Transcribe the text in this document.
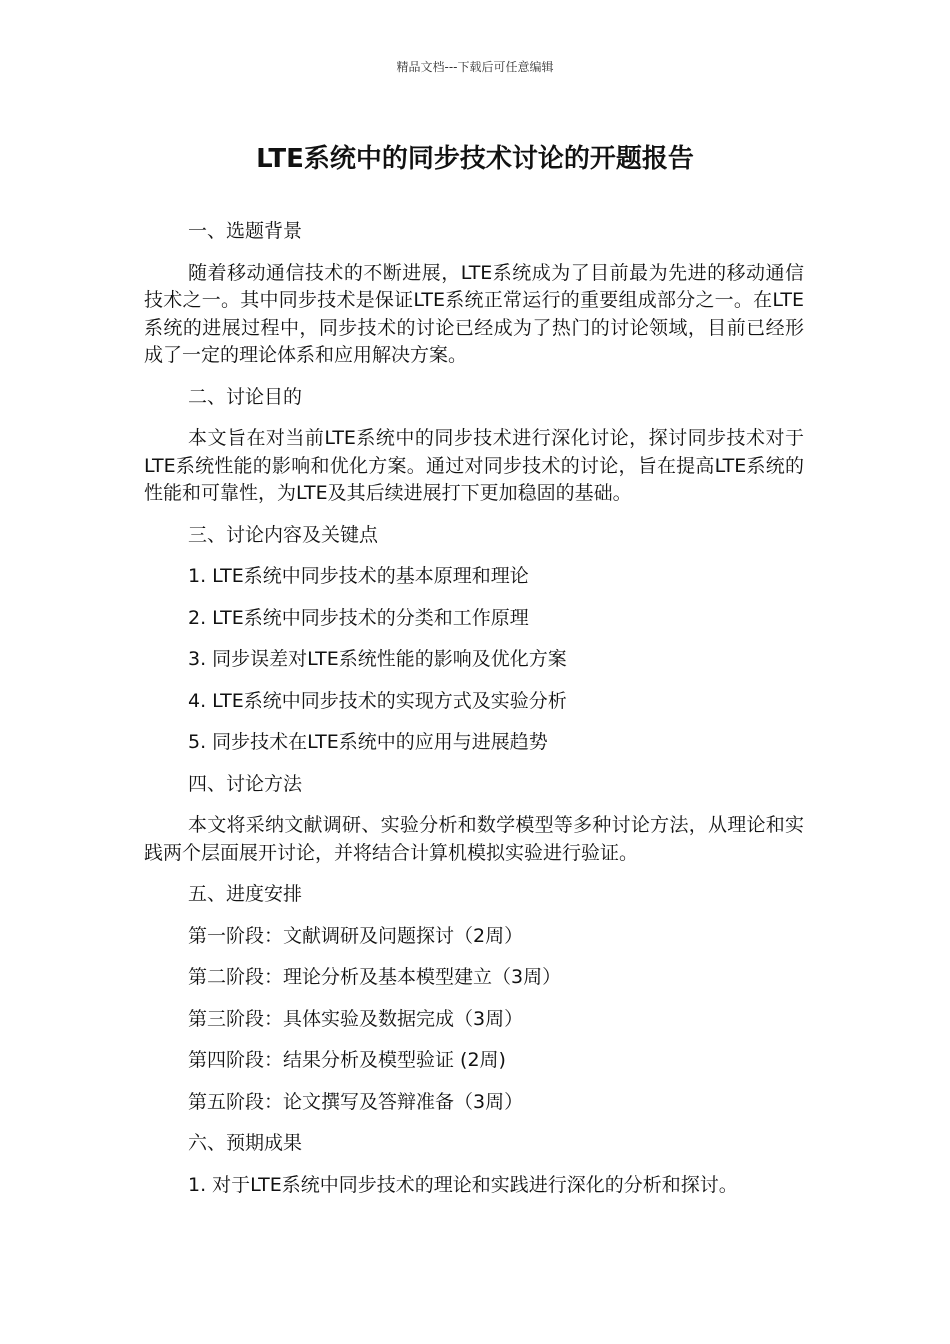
精品文档---下载后可任意编辑
LTE系统中的同步技术讨论的开题报告

一、选题背景

随着移动通信技术的不断进展，LTE系统成为了目前最为先进的移动通信技术之一。其中同步技术是保证LTE系统正常运行的重要组成部分之一。在LTE系统的进展过程中，同步技术的讨论已经成为了热门的讨论领域，目前已经形成了一定的理论体系和应用解决方案。

二、讨论目的

本文旨在对当前LTE系统中的同步技术进行深化讨论，探讨同步技术对于LTE系统性能的影响和优化方案。通过对同步技术的讨论，旨在提高LTE系统的性能和可靠性，为LTE及其后续进展打下更加稳固的基础。

三、讨论内容及关键点

1. LTE系统中同步技术的基本原理和理论

2. LTE系统中同步技术的分类和工作原理

3. 同步误差对LTE系统性能的影响及优化方案

4. LTE系统中同步技术的实现方式及实验分析

5. 同步技术在LTE系统中的应用与进展趋势

四、讨论方法

本文将采纳文献调研、实验分析和数学模型等多种讨论方法，从理论和实践两个层面展开讨论，并将结合计算机模拟实验进行验证。

五、进度安排

第一阶段：文献调研及问题探讨（2周）

第二阶段：理论分析及基本模型建立（3周）

第三阶段：具体实验及数据完成（3周）

第四阶段：结果分析及模型验证 (2周)

第五阶段：论文撰写及答辩准备（3周）

六、预期成果

1. 对于LTE系统中同步技术的理论和实践进行深化的分析和探讨。
